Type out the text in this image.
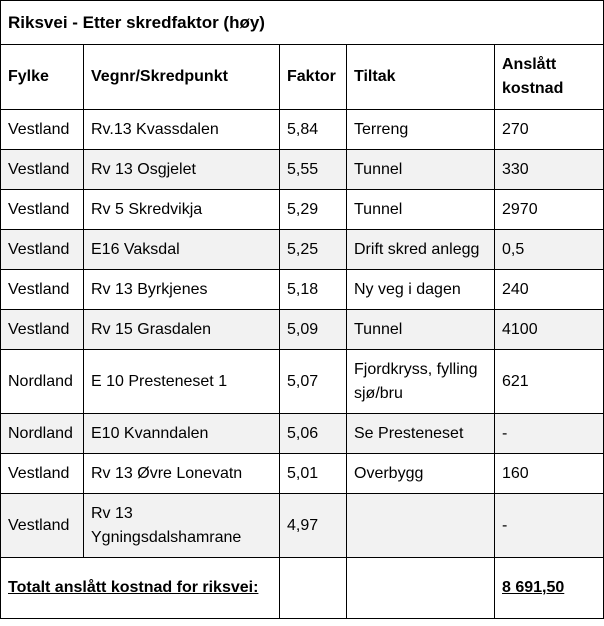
Riksvei - Etter skredfaktor (høy)				
Fylke	Vegnr/Skredpunkt	Faktor	Tiltak	Anslått kostnad
Vestland	Rv.13 Kvassdalen	5,84	Terreng	270
Vestland	Rv 13 Osgjelet	5,55	Tunnel	330
Vestland	Rv 5 Skredvikja	5,29	Tunnel	2970
Vestland	E16 Vaksdal	5,25	Drift skred anlegg	0,5
Vestland	Rv 13 Byrkjenes	5,18	Ny veg i dagen	240
Vestland	Rv 15 Grasdalen	5,09	Tunnel	4100
Nordland	E 10 Presteneset 1	5,07	Fjordkryss, fylling sjø/bru	621
Nordland	E10 Kvanndalen	5,06	Se Presteneset	-
Vestland	Rv 13 Øvre Lonevatn	5,01	Overbygg	160
Vestland	Rv 13 Ygningsdalshamrane	4,97		-
Totalt anslått kostnad for riksvei:				8 691,50
